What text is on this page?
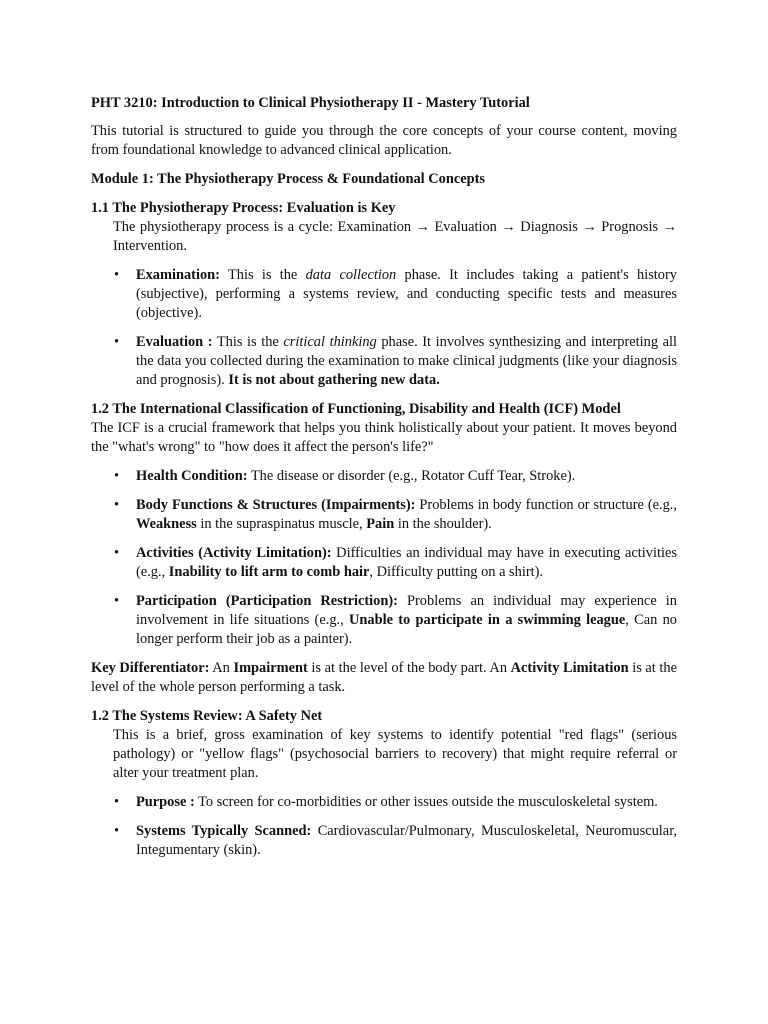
PHT 3210: Introduction to Clinical Physiotherapy II - Mastery Tutorial

This tutorial is structured to guide you through the core concepts of your course content, moving from foundational knowledge to advanced clinical application.

Module 1: The Physiotherapy Process & Foundational Concepts

1.1 The Physiotherapy Process: Evaluation is Key

The physiotherapy process is a cycle: Examination → Evaluation → Diagnosis → Prognosis → Intervention.

• Examination: This is the data collection phase. It includes taking a patient's history (subjective), performing a systems review, and conducting specific tests and measures (objective).
• Evaluation : This is the critical thinking phase. It involves synthesizing and interpreting all the data you collected during the examination to make clinical judgments (like your diagnosis and prognosis). It is not about gathering new data.

1.2 The International Classification of Functioning, Disability and Health (ICF) Model

The ICF is a crucial framework that helps you think holistically about your patient. It moves beyond the "what's wrong" to "how does it affect the person's life?"

• Health Condition: The disease or disorder (e.g., Rotator Cuff Tear, Stroke).
• Body Functions & Structures (Impairments): Problems in body function or structure (e.g., Weakness in the supraspinatus muscle, Pain in the shoulder).
• Activities (Activity Limitation): Difficulties an individual may have in executing activities (e.g., Inability to lift arm to comb hair, Difficulty putting on a shirt).
• Participation (Participation Restriction): Problems an individual may experience in involvement in life situations (e.g., Unable to participate in a swimming league, Can no longer perform their job as a painter).

Key Differentiator: An Impairment is at the level of the body part. An Activity Limitation is at the level of the whole person performing a task.

1.2 The Systems Review: A Safety Net

This is a brief, gross examination of key systems to identify potential "red flags" (serious pathology) or "yellow flags" (psychosocial barriers to recovery) that might require referral or alter your treatment plan.

• Purpose : To screen for co-morbidities or other issues outside the musculoskeletal system.
• Systems Typically Scanned: Cardiovascular/Pulmonary, Musculoskeletal, Neuromuscular, Integumentary (skin).
